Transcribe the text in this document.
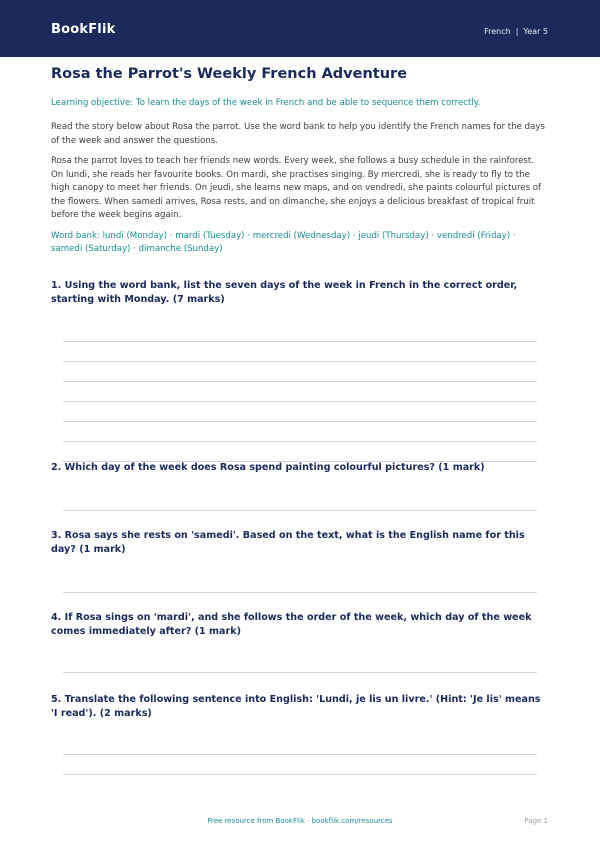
BookFlik	French | Year 5
Rosa the Parrot's Weekly French Adventure

Learning objective: To learn the days of the week in French and be able to sequence them correctly.

Read the story below about Rosa the parrot. Use the word bank to help you identify the French names for the days of the week and answer the questions.

Rosa the parrot loves to teach her friends new words. Every week, she follows a busy schedule in the rainforest. On lundi, she reads her favourite books. On mardi, she practises singing. By mercredi, she is ready to fly to the high canopy to meet her friends. On jeudi, she learns new maps, and on vendredi, she paints colourful pictures of the flowers. When samedi arrives, Rosa rests, and on dimanche, she enjoys a delicious breakfast of tropical fruit before the week begins again.

Word bank: lundi (Monday) · mardi (Tuesday) · mercredi (Wednesday) · jeudi (Thursday) · vendredi (Friday) · samedi (Saturday) · dimanche (Sunday)

1. Using the word bank, list the seven days of the week in French in the correct order, starting with Monday. (7 marks)
2. Which day of the week does Rosa spend painting colourful pictures? (1 mark)
3. Rosa says she rests on 'samedi'. Based on the text, what is the English name for this day? (1 mark)
4. If Rosa sings on 'mardi', and she follows the order of the week, which day of the week comes immediately after? (1 mark)
5. Translate the following sentence into English: 'Lundi, je lis un livre.' (Hint: 'Je lis' means 'I read'). (2 marks)
Free resource from BookFlik · bookflik.com/resources	Page 1
